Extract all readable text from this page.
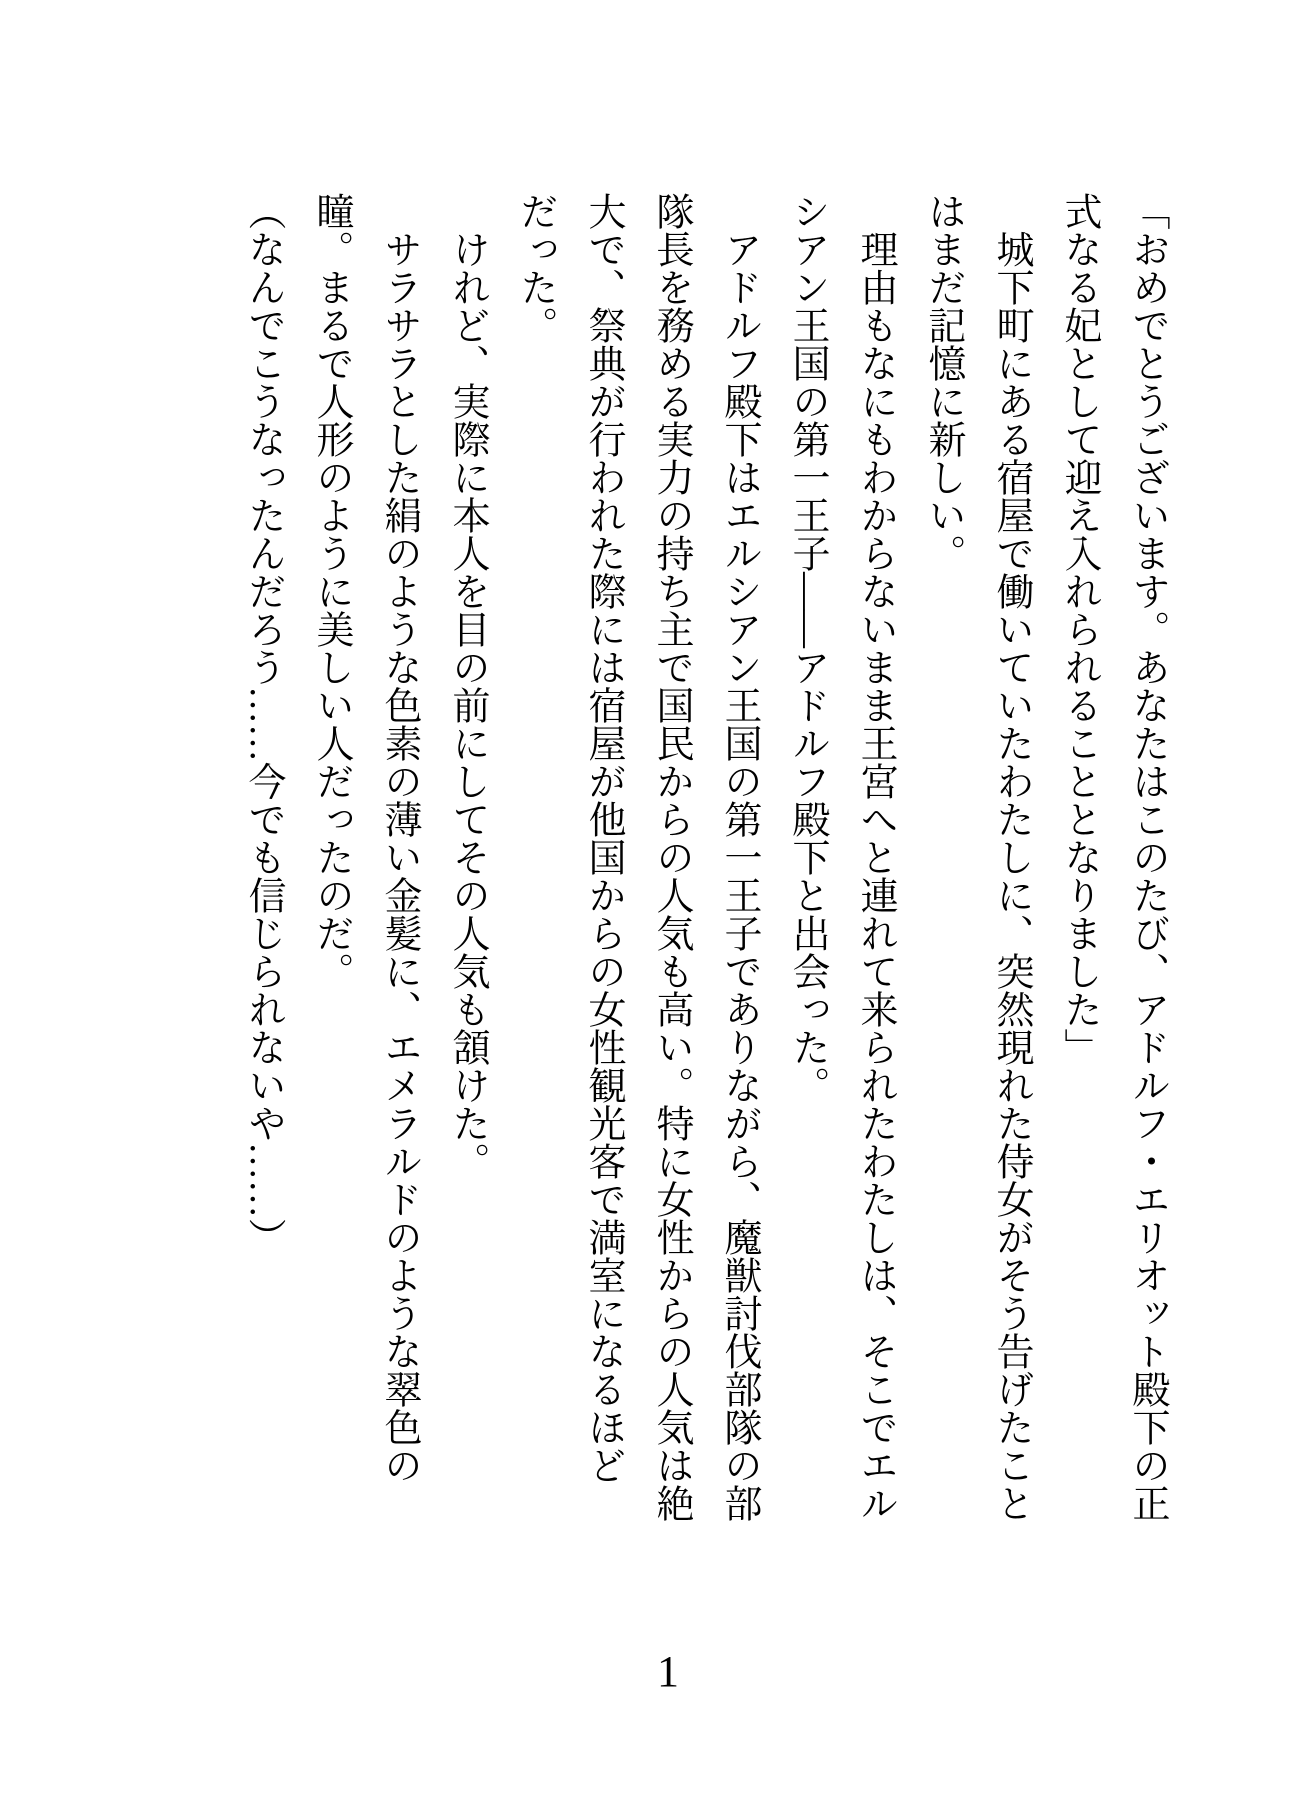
「おめでとうございます。あなたはこのたび、アドルフ・エリオット殿下の正
式なる妃として迎え入れられることとなりました」
城下町にある宿屋で働いていたわたしに、突然現れた侍女がそう告げたこと
はまだ記憶に新しい。
理由もなにもわからないまま王宮へと連れて来られたわたしは、そこでエル
シアン王国の第一王子――アドルフ殿下と出会った。
アドルフ殿下はエルシアン王国の第一王子でありながら、魔獣討伐部隊の部
隊長を務める実力の持ち主で国民からの人気も高い。特に女性からの人気は絶
大で、祭典が行われた際には宿屋が他国からの女性観光客で満室になるほど
だった。
けれど、実際に本人を目の前にしてその人気も頷けた。
サラサラとした絹のような色素の薄い金髪に、エメラルドのような翠色の
瞳。まるで人形のように美しい人だったのだ。
（なんでこうなったんだろう……今でも信じられないや……）
1
